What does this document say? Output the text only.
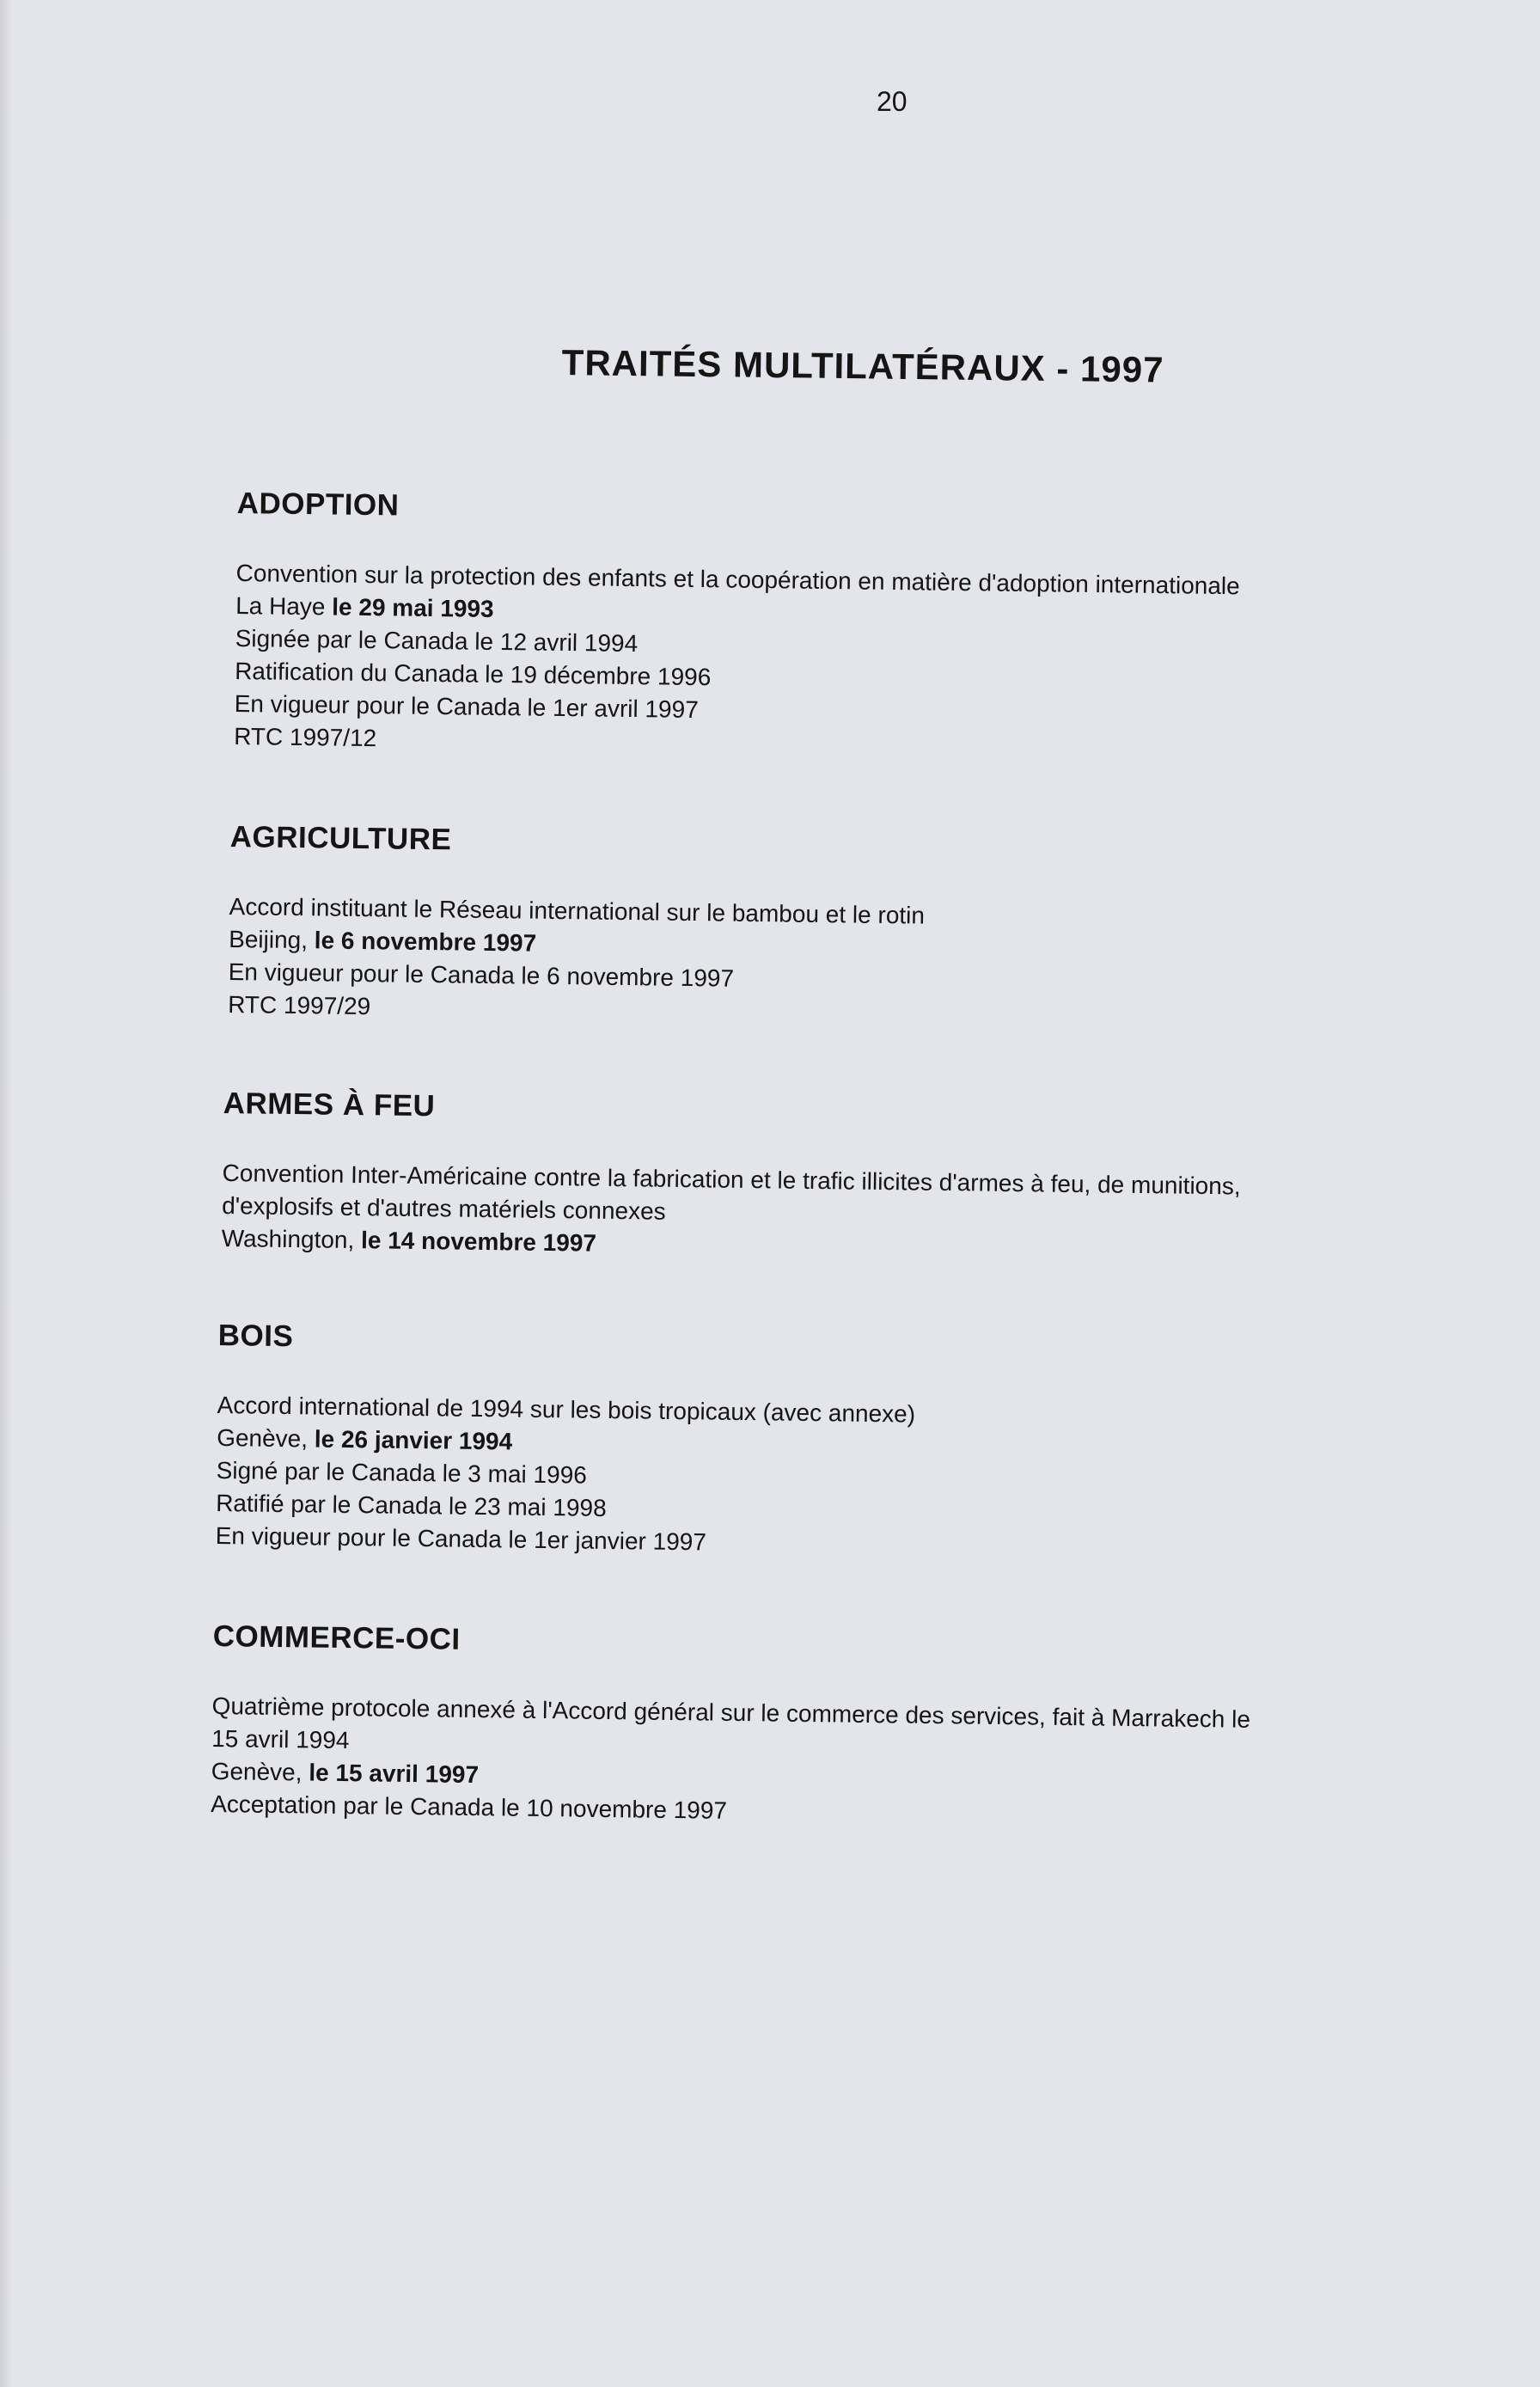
20
TRAITÉS MULTILATÉRAUX - 1997
ADOPTION
Convention sur la protection des enfants et la coopération en matière d'adoption internationale
La Haye le 29 mai 1993
Signée par le Canada le 12 avril 1994
Ratification du Canada le 19 décembre 1996
En vigueur pour le Canada le 1er avril 1997
RTC 1997/12
AGRICULTURE
Accord instituant le Réseau international sur le bambou et le rotin
Beijing, le 6 novembre 1997
En vigueur pour le Canada le 6 novembre 1997
RTC 1997/29
ARMES À FEU
Convention Inter-Américaine contre la fabrication et le trafic illicites d'armes à feu, de munitions,
d'explosifs et d'autres matériels connexes
Washington, le 14 novembre 1997
BOIS
Accord international de 1994 sur les bois tropicaux (avec annexe)
Genève, le 26 janvier 1994
Signé par le Canada le 3 mai 1996
Ratifié par le Canada le 23 mai 1998
En vigueur pour le Canada le 1er janvier 1997
COMMERCE-OCI
Quatrième protocole annexé à l'Accord général sur le commerce des services, fait à Marrakech le
15 avril 1994
Genève, le 15 avril 1997
Acceptation par le Canada le 10 novembre 1997
